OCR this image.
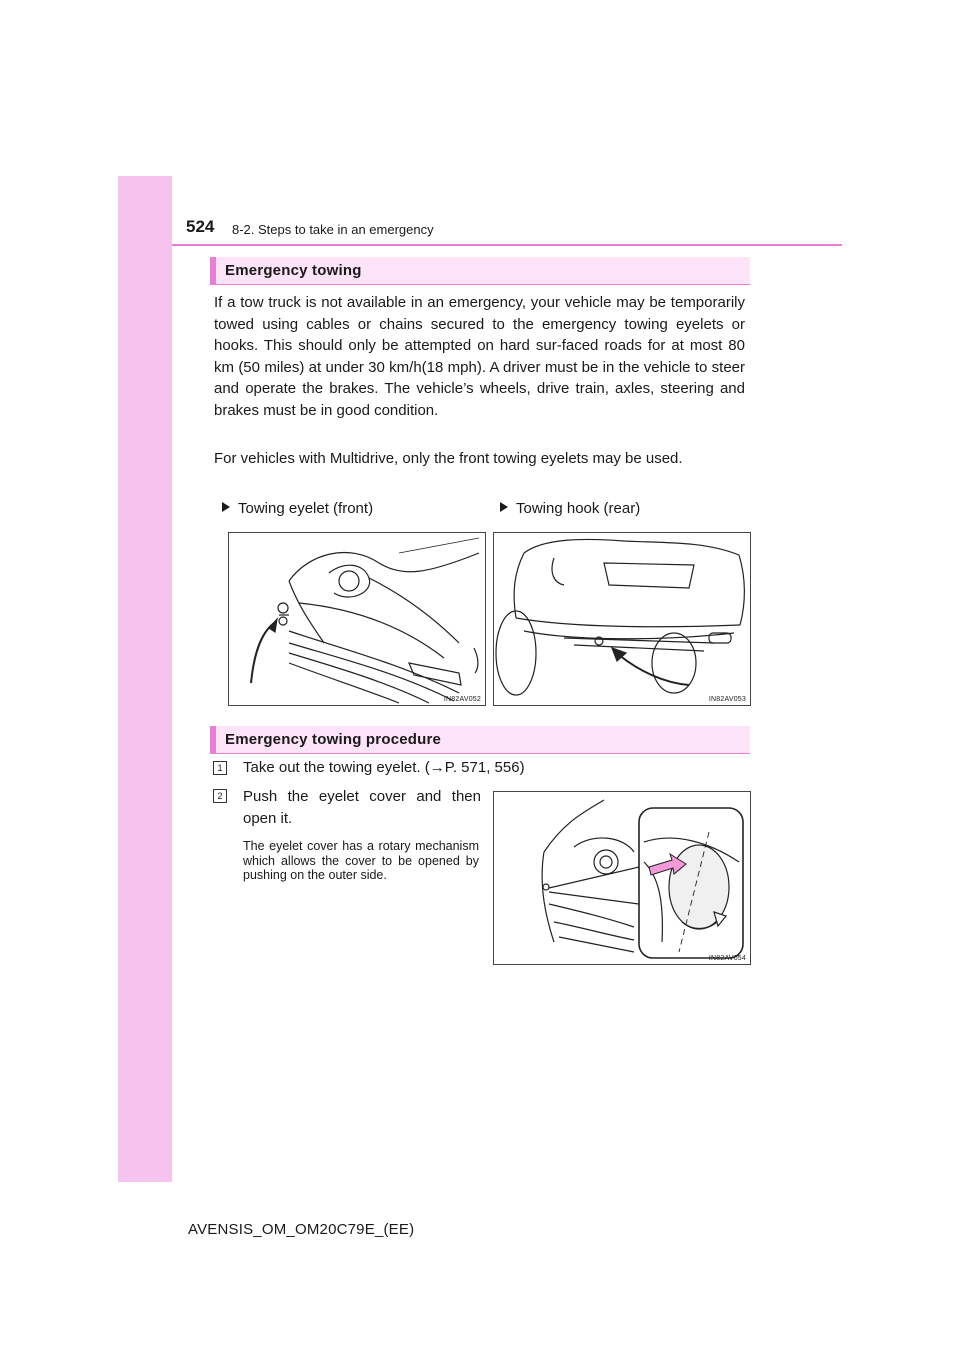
524 8-2. Steps to take in an emergency
Emergency towing
If a tow truck is not available in an emergency, your vehicle may be temporarily towed using cables or chains secured to the emergency towing eyelets or hooks. This should only be attempted on hard sur-faced roads for at most 80 km (50 miles) at under 30 km/h(18 mph). A driver must be in the vehicle to steer and operate the brakes. The vehicle’s wheels, drive train, axles, steering and brakes must be in good condition.
For vehicles with Multidrive, only the front towing eyelets may be used.
Towing eyelet (front)	Towing hook (rear)
IN82AV052	IN82AV053
Emergency towing procedure
1	Take out the towing eyelet. (→P. 571, 556)
2	Push the eyelet cover and then open it.
The eyelet cover has a rotary mechanism which allows the cover to be opened by pushing on the outer side.
IN82AV054
AVENSIS_OM_OM20C79E_(EE)
